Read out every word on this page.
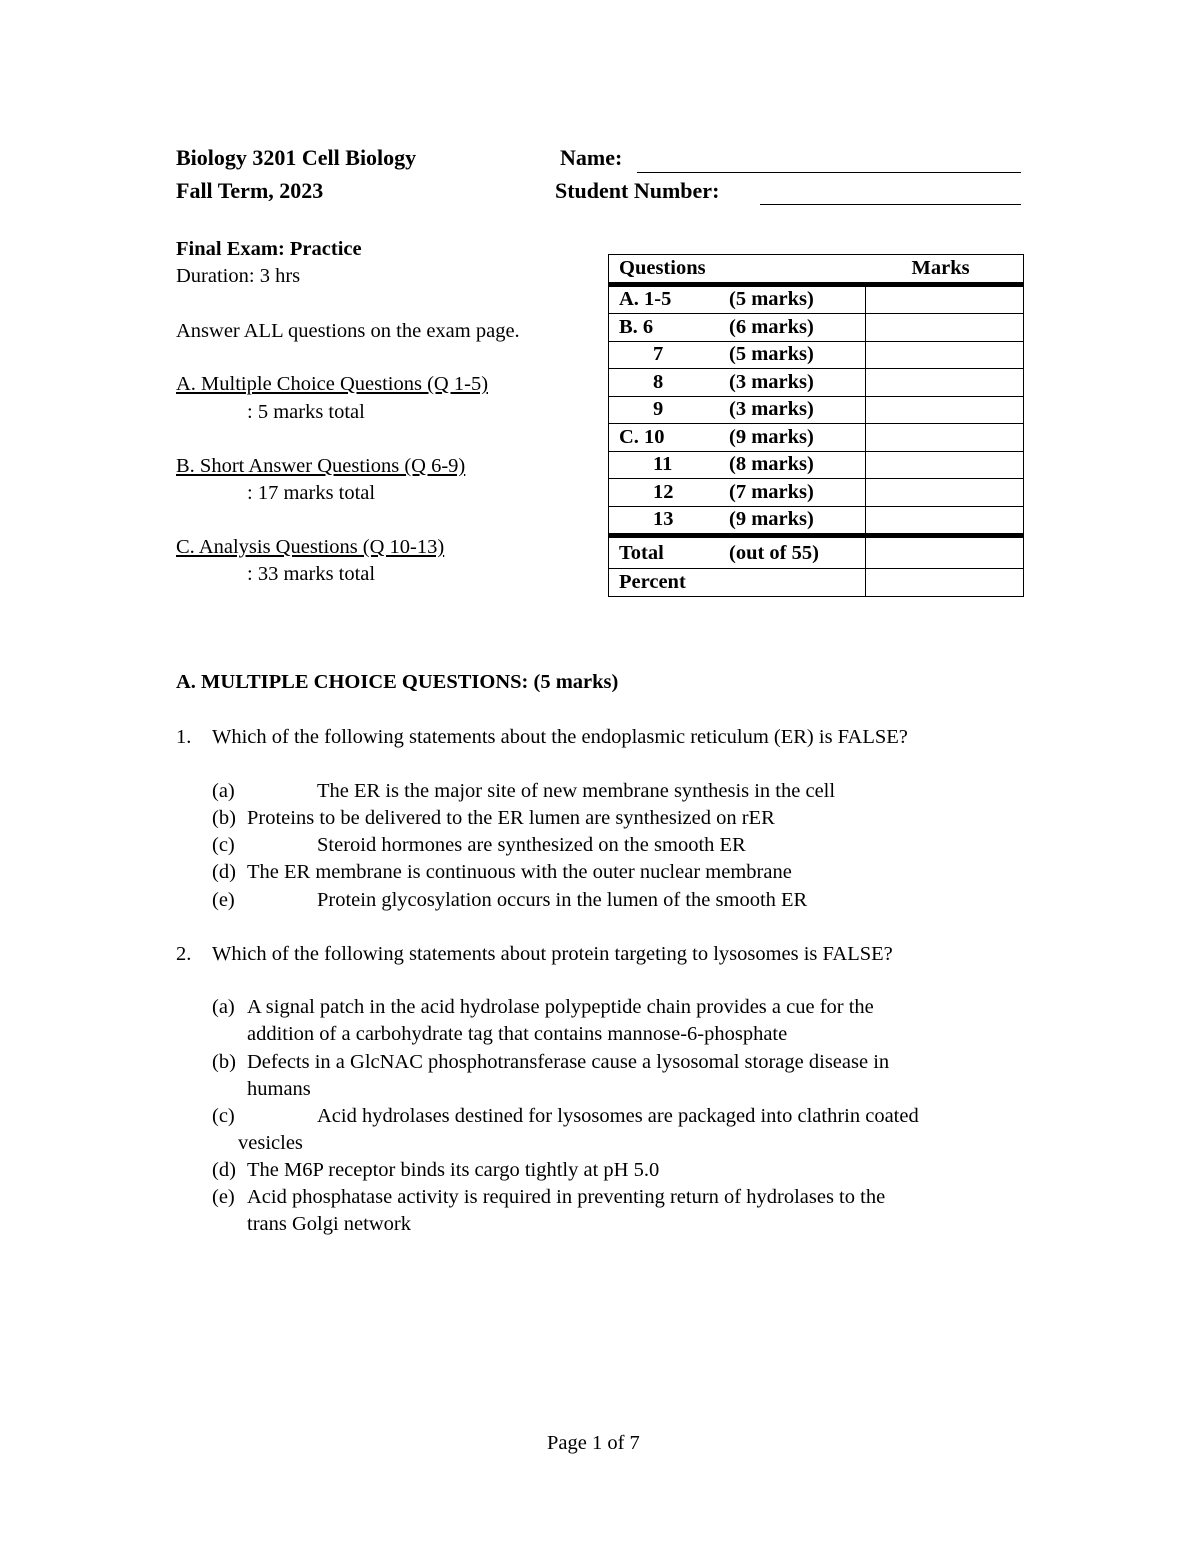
Biology 3201 Cell Biology
Fall Term, 2023
Name:
Student Number:
Final Exam: Practice
Duration: 3 hrs
Answer ALL questions on the exam page.
A. Multiple Choice Questions (Q 1-5)
: 5 marks total
B. Short Answer Questions (Q 6-9)
: 17 marks total
C. Analysis Questions (Q 10-13)
: 33 marks total
Questions	Marks
A. 1-5 (5 marks)	
B. 6 (6 marks)	
7 (5 marks)	
8 (3 marks)	
9 (3 marks)	
C. 10 (9 marks)	
11 (8 marks)	
12 (7 marks)	
13 (9 marks)	
Total (out of 55)	
Percent	
A. MULTIPLE CHOICE QUESTIONS: (5 marks)
1. Which of the following statements about the endoplasmic reticulum (ER) is FALSE?
(a)	The ER is the major site of new membrane synthesis in the cell
(b) Proteins to be delivered to the ER lumen are synthesized on rER
(c)	Steroid hormones are synthesized on the smooth ER
(d) The ER membrane is continuous with the outer nuclear membrane
(e)	Protein glycosylation occurs in the lumen of the smooth ER
2. Which of the following statements about protein targeting to lysosomes is FALSE?
(a) A signal patch in the acid hydrolase polypeptide chain provides a cue for the
addition of a carbohydrate tag that contains mannose-6-phosphate
(b) Defects in a GlcNAC phosphotransferase cause a lysosomal storage disease in
humans
(c)	Acid hydrolases destined for lysosomes are packaged into clathrin coated
vesicles
(d) The M6P receptor binds its cargo tightly at pH 5.0
(e) Acid phosphatase activity is required in preventing return of hydrolases to the
trans Golgi network
Page 1 of 7
